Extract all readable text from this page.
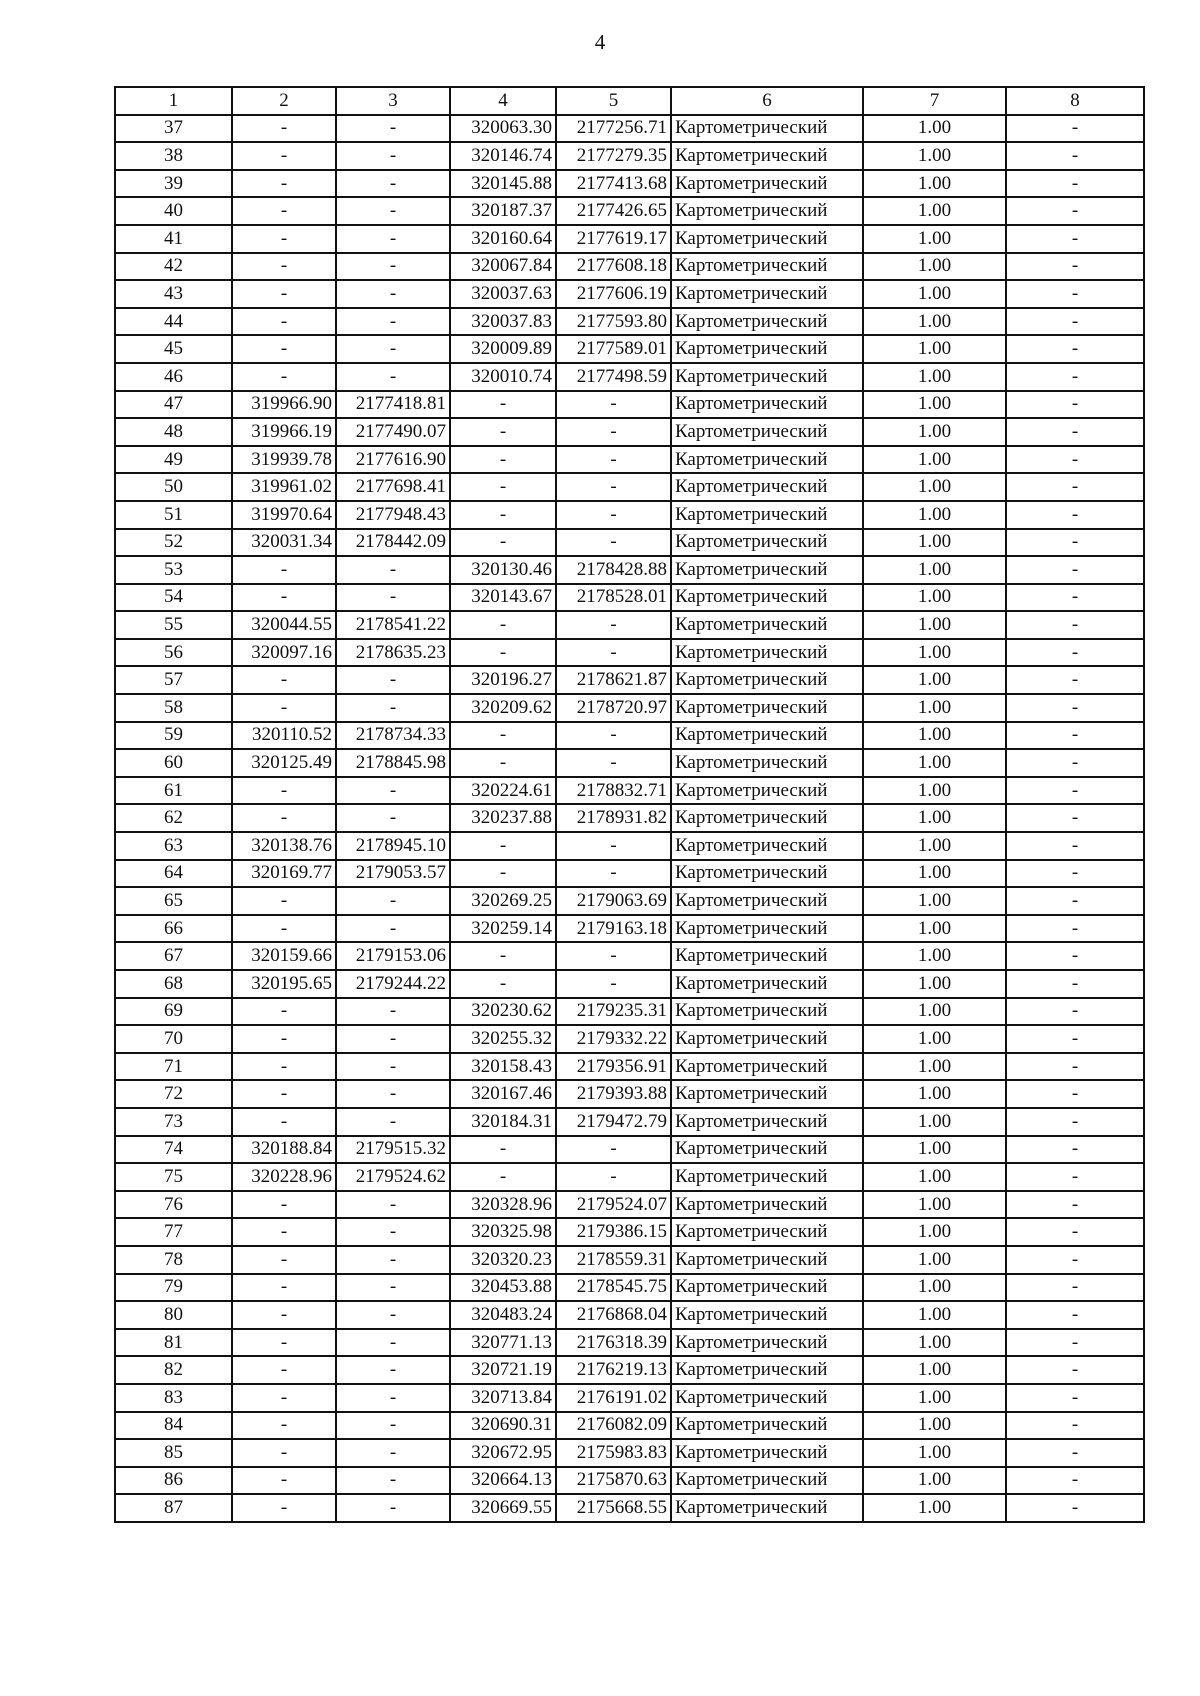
4
1	2	3	4	5	6	7	8
37	-	-	320063.30	2177256.71	Картометрический	1.00	-
38	-	-	320146.74	2177279.35	Картометрический	1.00	-
39	-	-	320145.88	2177413.68	Картометрический	1.00	-
40	-	-	320187.37	2177426.65	Картометрический	1.00	-
41	-	-	320160.64	2177619.17	Картометрический	1.00	-
42	-	-	320067.84	2177608.18	Картометрический	1.00	-
43	-	-	320037.63	2177606.19	Картометрический	1.00	-
44	-	-	320037.83	2177593.80	Картометрический	1.00	-
45	-	-	320009.89	2177589.01	Картометрический	1.00	-
46	-	-	320010.74	2177498.59	Картометрический	1.00	-
47	319966.90	2177418.81	-	-	Картометрический	1.00	-
48	319966.19	2177490.07	-	-	Картометрический	1.00	-
49	319939.78	2177616.90	-	-	Картометрический	1.00	-
50	319961.02	2177698.41	-	-	Картометрический	1.00	-
51	319970.64	2177948.43	-	-	Картометрический	1.00	-
52	320031.34	2178442.09	-	-	Картометрический	1.00	-
53	-	-	320130.46	2178428.88	Картометрический	1.00	-
54	-	-	320143.67	2178528.01	Картометрический	1.00	-
55	320044.55	2178541.22	-	-	Картометрический	1.00	-
56	320097.16	2178635.23	-	-	Картометрический	1.00	-
57	-	-	320196.27	2178621.87	Картометрический	1.00	-
58	-	-	320209.62	2178720.97	Картометрический	1.00	-
59	320110.52	2178734.33	-	-	Картометрический	1.00	-
60	320125.49	2178845.98	-	-	Картометрический	1.00	-
61	-	-	320224.61	2178832.71	Картометрический	1.00	-
62	-	-	320237.88	2178931.82	Картометрический	1.00	-
63	320138.76	2178945.10	-	-	Картометрический	1.00	-
64	320169.77	2179053.57	-	-	Картометрический	1.00	-
65	-	-	320269.25	2179063.69	Картометрический	1.00	-
66	-	-	320259.14	2179163.18	Картометрический	1.00	-
67	320159.66	2179153.06	-	-	Картометрический	1.00	-
68	320195.65	2179244.22	-	-	Картометрический	1.00	-
69	-	-	320230.62	2179235.31	Картометрический	1.00	-
70	-	-	320255.32	2179332.22	Картометрический	1.00	-
71	-	-	320158.43	2179356.91	Картометрический	1.00	-
72	-	-	320167.46	2179393.88	Картометрический	1.00	-
73	-	-	320184.31	2179472.79	Картометрический	1.00	-
74	320188.84	2179515.32	-	-	Картометрический	1.00	-
75	320228.96	2179524.62	-	-	Картометрический	1.00	-
76	-	-	320328.96	2179524.07	Картометрический	1.00	-
77	-	-	320325.98	2179386.15	Картометрический	1.00	-
78	-	-	320320.23	2178559.31	Картометрический	1.00	-
79	-	-	320453.88	2178545.75	Картометрический	1.00	-
80	-	-	320483.24	2176868.04	Картометрический	1.00	-
81	-	-	320771.13	2176318.39	Картометрический	1.00	-
82	-	-	320721.19	2176219.13	Картометрический	1.00	-
83	-	-	320713.84	2176191.02	Картометрический	1.00	-
84	-	-	320690.31	2176082.09	Картометрический	1.00	-
85	-	-	320672.95	2175983.83	Картометрический	1.00	-
86	-	-	320664.13	2175870.63	Картометрический	1.00	-
87	-	-	320669.55	2175668.55	Картометрический	1.00	-
